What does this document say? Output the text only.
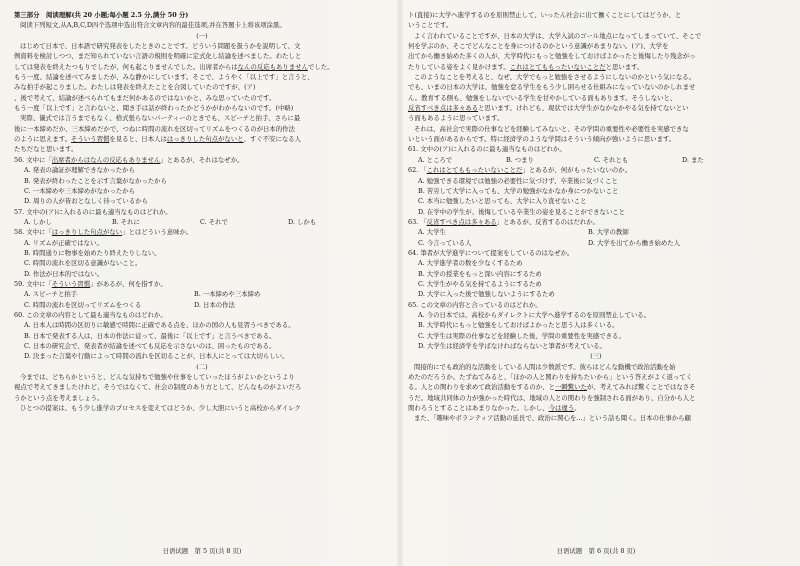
第三部分　阅读理解(共 20 小题;每小题 2.5 分,满分 50 分)
阅读下列短文,从A,B,C,D四个选项中选出符合文章内容的最佳选项,并在答题卡上将该项涂黑。
(一)
はじめて日本で、日本語で研究発表をしたときのことです。どういう問題を扱うかを説明して、文
例資料を検討しつつ、まだ知られていない言語の規則を明確に定式化し結論を述べました。わたしと
しては発表を終えたつもりでしたが、何も起こりませんでした。出席者からはなんの反応もありませんでした。
もう一度、結論を述べてみましたが、みな静かにしています。そこで、ようやく「以上です」と言うと、
みな拍手が起こりました。わたしは発表を終えたことを合図していたのですが、(ア)
、後で考えて、結論が述べられてもまだ何かあるのではないかと、みな思っていたのです。
もう一度「以上です」と言わないと、聞き手は話が終わったかどうかがわからないのです。(中略)
実際、儀式では言うまでもなく、格式張らないパーティーのときでも、スピーチと拍手、さらに最
後に一本締めだか、三本締めだかで、つねに時間の流れを区切ってリズムをつくるのが日本的作法
のように思えます。そういう習慣を見ると、日本人ははっきりした句点がないと、すぐ不安になる人
たちだなと思います。
56. 文中に「出席者からはなんの反応もありません」とあるが、それはなぜか。
A. 発表の論証が理解できなかったから
B. 発表が終わったことを示す言葉がなかったから
C. 一本締めや三本締めがなかったから
D. 周りの人が皆おとなしく待っているから
57. 文中の(ア)に入れるのに最も適当なものはどれか。
A. しかし	B. それに	C. それで	D. しかも
58. 文中に「はっきりした句点がない」とはどういう意味か。
A. リズムが正確ではない。
B. 時間通りに物事を始めたり終えたりしない。
C. 時間の流れを区切る意識がないこと。
D. 作法が日本的ではない。
59. 文中に「そういう習慣」があるが、何を指すか。
A. スピーチと拍手	B. 一本締めや三本締め
C. 時間の流れを区切ってリズムをつくる	D. 日本の作法
60. この文章の内容として最も適当なものはどれか。
A. 日本人は時間の区切りに敏感で時間に正確である点を、ほかの国の人も見習うべきである。
B. 日本で発表する人は、日本の作法に従って、最後に「以上です」と言うべきである。
C. 日本の研究会で、発表者が結論を述べても反応を示さないのは、困ったものである。
D. 決まった言葉や行動によって時間の流れを区切ることが、日本人にとっては大切らしい。
(二)
今までは、どちらかというと、どんな気持ちで勉強や仕事をしていったほうがよいかというより
視点で考えてきましたけれど、そうではなくて、社会の制度のあり方として、どんなものがよいだろ
うかという点を考えましょう。
ひとつの提案は、もう少し進学のプロセスを変えてはどうか、少し大胆にいうと高校からダイレク
日语试题　第 5 页(共 8 页)
ト(直接)に大学へ進学するのを原則禁止して、いったん社会に出て働くことにしてはどうか、と
いうことです。
よく言われていることですが、日本の大学は、大学入試のゴール地点になってしまっていて、そこで
何を学ぶのか、そこでどんなことを身につけるのかという意識があまりない。(ア)、大学を
出てから働き始めた多くの人が、大学時代にもっと勉強をしておけばよかったと後悔したり残念がっ
たりしている姿をよく見かけます。これはとてももったいないことだと思います。
このようなことを考えると、なぜ、大学でもっと勉強をさせるようにしないのかという気になる。
でも、いまの日本の大学は、勉強を怠る学生をもう少し困らせる仕組みになっていないのかしれませ
ん。教育する側も、勉強をしないでいる学生を甘やかしている面もあります。そうしないと、
反省すべき点は多々あると思います。けれども、現状では大学生がなかなかやる気を持てないとい
う面もあるように思っています。
それは、高社会で実際の仕事などを経験してみないと、その学問の重要性や必要性を実感できな
いという面があるからです。特に経済学のような学問はそういう傾向が強いように思います。
61. 文中の(ア)に入れるのに最も適当なものはどれか。
A. ところで	B. つまり	C. それとも	D. また
62. 「これはとてももったいないことだ」とあるが、何がもったいないのか。
A. 勉強できる環境では勉強の必要性に気づけず、卒業後に気づくこと
B. 苦労して大学に入っても、大学の勉強がなかなか身につかないこと
C. 本当に勉強したいと思っても、大学に入り直せないこと
D. 在学中の学生が、後悔している卒業生の姿を見ることができないこと
63. 「反省すべき点は多々ある」とあるが、反省するのはだれか。
A. 大学生	B. 大学の教師
C. 今言っている人	D. 大学を出てから働き始めた人
64. 筆者が大学進学について提案をしているのはなぜか。
A. 大学進学者の数を少なくするため
B. 大学の授業をもっと深い内容にするため
C. 大学生がやる気を持てるようにするため
D. 大学に入った後で勉強しないようにするため
65. この文章の内容と合っているのはどれか。
A. 今の日本では、高校からダイレクトに大学へ進学するのを原則禁止している。
B. 大学時代にもっと勉強をしておけばよかったと思う人は多くいる。
C. 大学生は実際の仕事などを経験した後、学問の重要性を実感できる。
D. 大学生は経済学を学ばなければならないと筆者が考えている。
(三)
間接的にでも政治的な活動をしている人間は少数派です。彼らはどんな動機で政治活動を始
めたのだろうか。たずねてみると、「ほかの人と関わりを持ちたいから」という答えがよく返ってく
る。人との関わりを求めて政治活動をするのか、と一瞬驚いたが、考えてみれば驚くことではなさそ
うだ。地域共同体の力が強かった時代は、地域の人との関わりを強制される面があり、自分から人と
関わろうとすることはあまりなかった。しかし、今は違う。
また、「趣味やボランティア活動の延長で、政治に関心を...」という話も聞く。日本の仕事から顧
日语试题　第 6 页(共 8 页)
